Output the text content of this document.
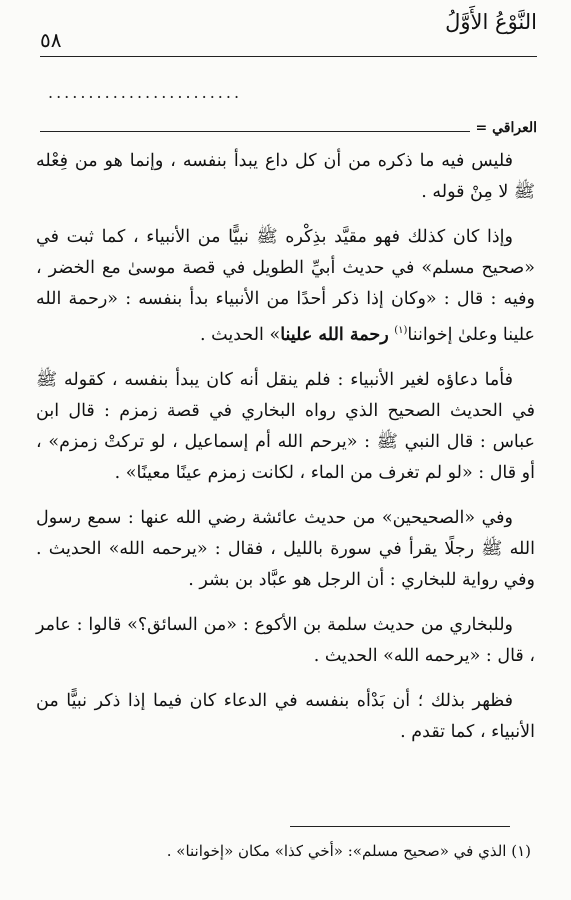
النَّوْعُ الأَوَّلُ
٥٨
........................
العراقي =

فليس فيه ما ذكره من أن كل داع يبدأ بنفسه ، وإنما هو من فِعْله ﷺ لا مِنْ قوله .

وإذا كان كذلك فهو مقيَّد بذِكْره ﷺ نبيًّا من الأنبياء ، كما ثبت في «صحيح مسلم» في حديث أبيِّ الطويل في قصة موسىٰ مع الخضر ، وفيه : قال : «وكان إذا ذكر أحدًا من الأنبياء بدأ بنفسه : «رحمة الله علينا وعلىٰ إخواننا$^{(١)}$ رحمة الله علينا» الحديث .

فأما دعاؤه لغير الأنبياء : فلم ينقل أنه كان يبدأ بنفسه ، كقوله ﷺ في الحديث الصحيح الذي رواه البخاري في قصة زمزم : قال ابن عباس : قال النبي ﷺ : «يرحم الله أم إسماعيل ، لو تركتْ زمزم» ، أو قال : «لو لم تغرف من الماء ، لكانت زمزم عينًا معينًا» .

وفي «الصحيحين» من حديث عائشة رضي الله عنها : سمع رسول الله ﷺ رجلًا يقرأ في سورة بالليل ، فقال : «يرحمه الله» الحديث . وفي رواية للبخاري : أن الرجل هو عبَّاد بن بشر .

وللبخاري من حديث سلمة بن الأكوع : «من السائق؟» قالوا : عامر ، قال : «يرحمه الله» الحديث .

فظهر بذلك ؛ أن بَدْأه بنفسه في الدعاء كان فيما إذا ذكر نبيًّا من الأنبياء ، كما تقدم .

(١) الذي في «صحيح مسلم»: «أخي كذا» مكان «إخواننا» .
